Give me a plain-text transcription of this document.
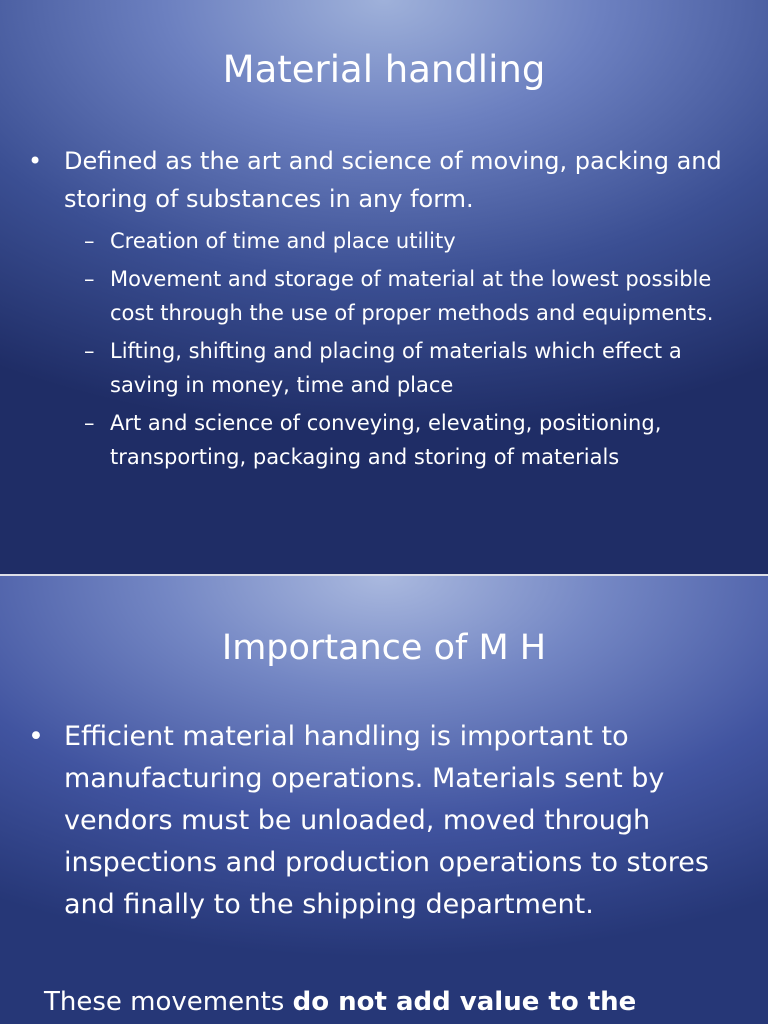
Material handling
• Defined as the art and science of moving, packing and storing of substances in any form.
– Creation of time and place utility
– Movement and storage of material at the lowest possible cost through the use of proper methods and equipments.
– Lifting, shifting and placing of materials which effect a saving in money, time and place
– Art and science of conveying, elevating, positioning, transporting, packaging and storing of materials
Importance of M H
• Efficient material handling is important to manufacturing operations. Materials sent by vendors must be unloaded, moved through inspections and production operations to stores and finally to the shipping department.
These movements do not add value to the
